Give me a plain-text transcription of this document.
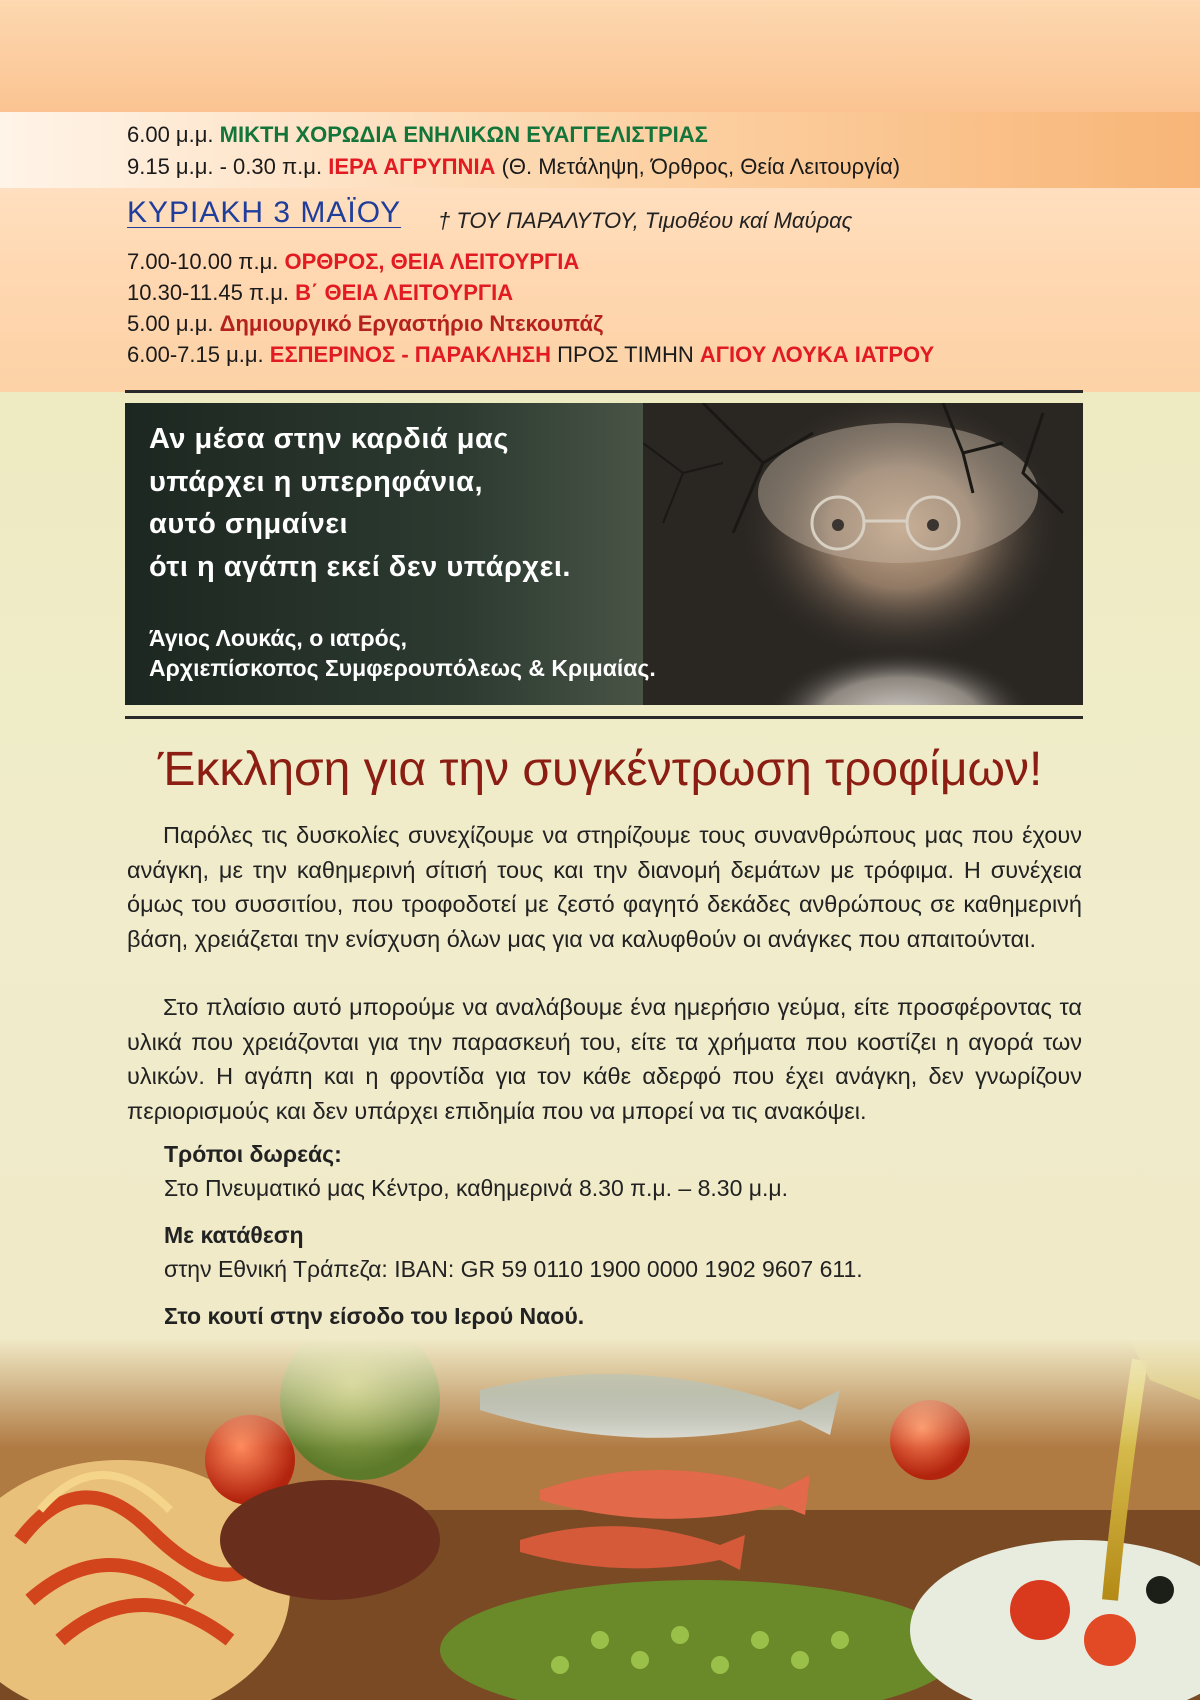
6.00 μ.μ. ΜΙΚΤΗ ΧΟΡΩΔΙΑ ΕΝΗΛΙΚΩΝ ΕΥΑΓΓΕΛΙΣΤΡΙΑΣ
9.15 μ.μ. - 0.30 π.μ. ΙΕΡΑ ΑΓΡΥΠΝΙΑ (Θ. Μετάληψη, Όρθρος, Θεία Λειτουργία)
ΚΥΡΙΑΚΗ 3 ΜΑΪΟΥ † ΤΟΥ ΠΑΡΑΛΥΤΟΥ, Τιμοθέου καί Μαύρας
7.00-10.00 π.μ. ΟΡΘΡΟΣ, ΘΕΙΑ ΛΕΙΤΟΥΡΓΙΑ
10.30-11.45 π.μ. Β΄ ΘΕΙΑ ΛΕΙΤΟΥΡΓΙΑ
5.00 μ.μ. Δημιουργικό Εργαστήριο Ντεκουπάζ
6.00-7.15 μ.μ. ΕΣΠΕΡΙΝΟΣ - ΠΑΡΑΚΛΗΣΗ ΠΡΟΣ ΤΙΜΗΝ ΑΓΙΟΥ ΛΟΥΚΑ ΙΑΤΡΟΥ
Αν μέσα στην καρδιά μας
υπάρχει η υπερηφάνια,
αυτό σημαίνει
ότι η αγάπη εκεί δεν υπάρχει.
Άγιος Λουκάς, ο ιατρός,
Αρχιεπίσκοπος Συμφερουπόλεως & Κριμαίας.
Έκκληση για την συγκέντρωση τροφίμων!
Παρόλες τις δυσκολίες συνεχίζουμε να στηρίζουμε τους συνανθρώπους μας που έχουν ανάγκη, με την καθημερινή σίτισή τους και την διανομή δεμάτων με τρόφιμα. Η συνέχεια όμως του συσσιτίου, που τροφοδοτεί με ζεστό φαγητό δεκάδες ανθρώπους σε καθημερινή βάση, χρειάζεται την ενίσχυση όλων μας για να καλυφθούν οι ανάγκες που απαιτούνται.
Στο πλαίσιο αυτό μπορούμε να αναλάβουμε ένα ημερήσιο γεύμα, είτε προσφέροντας τα υλικά που χρειάζονται για την παρασκευή του, είτε τα χρήματα που κοστίζει η αγορά των υλικών. Η αγάπη και η φροντίδα για τον κάθε αδερφό που έχει ανάγκη, δεν γνωρίζουν περιορισμούς και δεν υπάρχει επιδημία που να μπορεί να τις ανακόψει.
Τρόποι δωρεάς:
Στο Πνευματικό μας Κέντρο, καθημερινά 8.30 π.μ. – 8.30 μ.μ.
Με κατάθεση
στην Εθνική Τράπεζα: IBAN: GR 59 0110 1900 0000 1902 9607 611.
Στο κουτί στην είσοδο του Ιερού Ναού.
